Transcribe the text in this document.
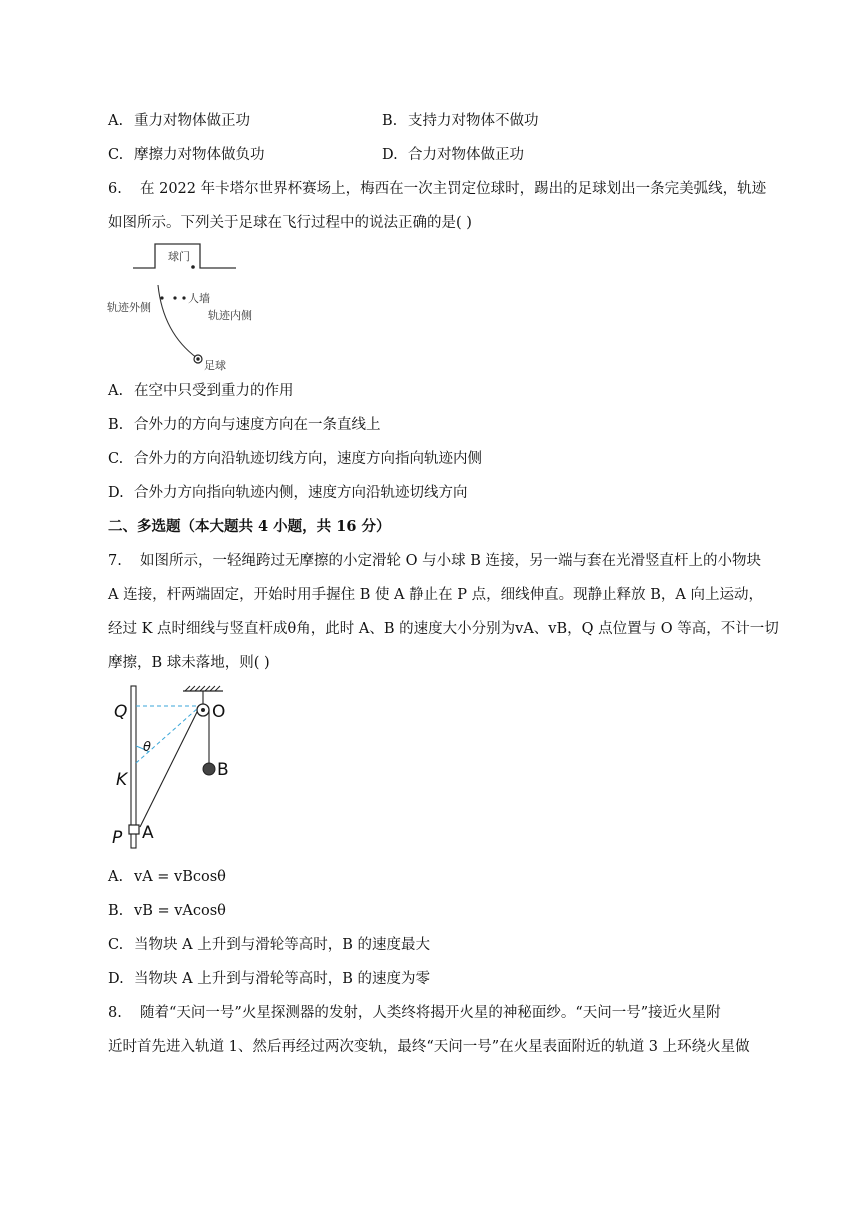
A. 重力对物体做正功	B. 支持力对物体不做功
C. 摩擦力对物体做负功	D. 合力对物体做正功
6. 在 2022 年卡塔尔世界杯赛场上，梅西在一次主罚定位球时，踢出的足球划出一条完美弧线，轨迹
如图所示。下列关于足球在飞行过程中的说法正确的是( )
球门
人墙
轨迹外侧
轨迹内侧
足球
A. 在空中只受到重力的作用
B. 合外力的方向与速度方向在一条直线上
C. 合外力的方向沿轨迹切线方向，速度方向指向轨迹内侧
D. 合外力方向指向轨迹内侧，速度方向沿轨迹切线方向
二、多选题（本大题共 4 小题，共 16 分）
7. 如图所示，一轻绳跨过无摩擦的小定滑轮 O 与小球 B 连接，另一端与套在光滑竖直杆上的小物块
A 连接，杆两端固定，开始时用手握住 B 使 A 静止在 P 点，细线伸直。现静止释放 B，A 向上运动，
经过 K 点时细线与竖直杆成θ角，此时 A、B 的速度大小分别为vA、vB，Q 点位置与 O 等高，不计一切
摩擦，B 球未落地，则( )
Q	O
θ
B
K
P A
A. vA = vBcosθ
B. vB = vAcosθ
C. 当物块 A 上升到与滑轮等高时，B 的速度最大
D. 当物块 A 上升到与滑轮等高时，B 的速度为零
8. 随着“天问一号”火星探测器的发射，人类终将揭开火星的神秘面纱。“天问一号”接近火星附
近时首先进入轨道 1、然后再经过两次变轨，最终“天问一号”在火星表面附近的轨道 3 上环绕火星做
